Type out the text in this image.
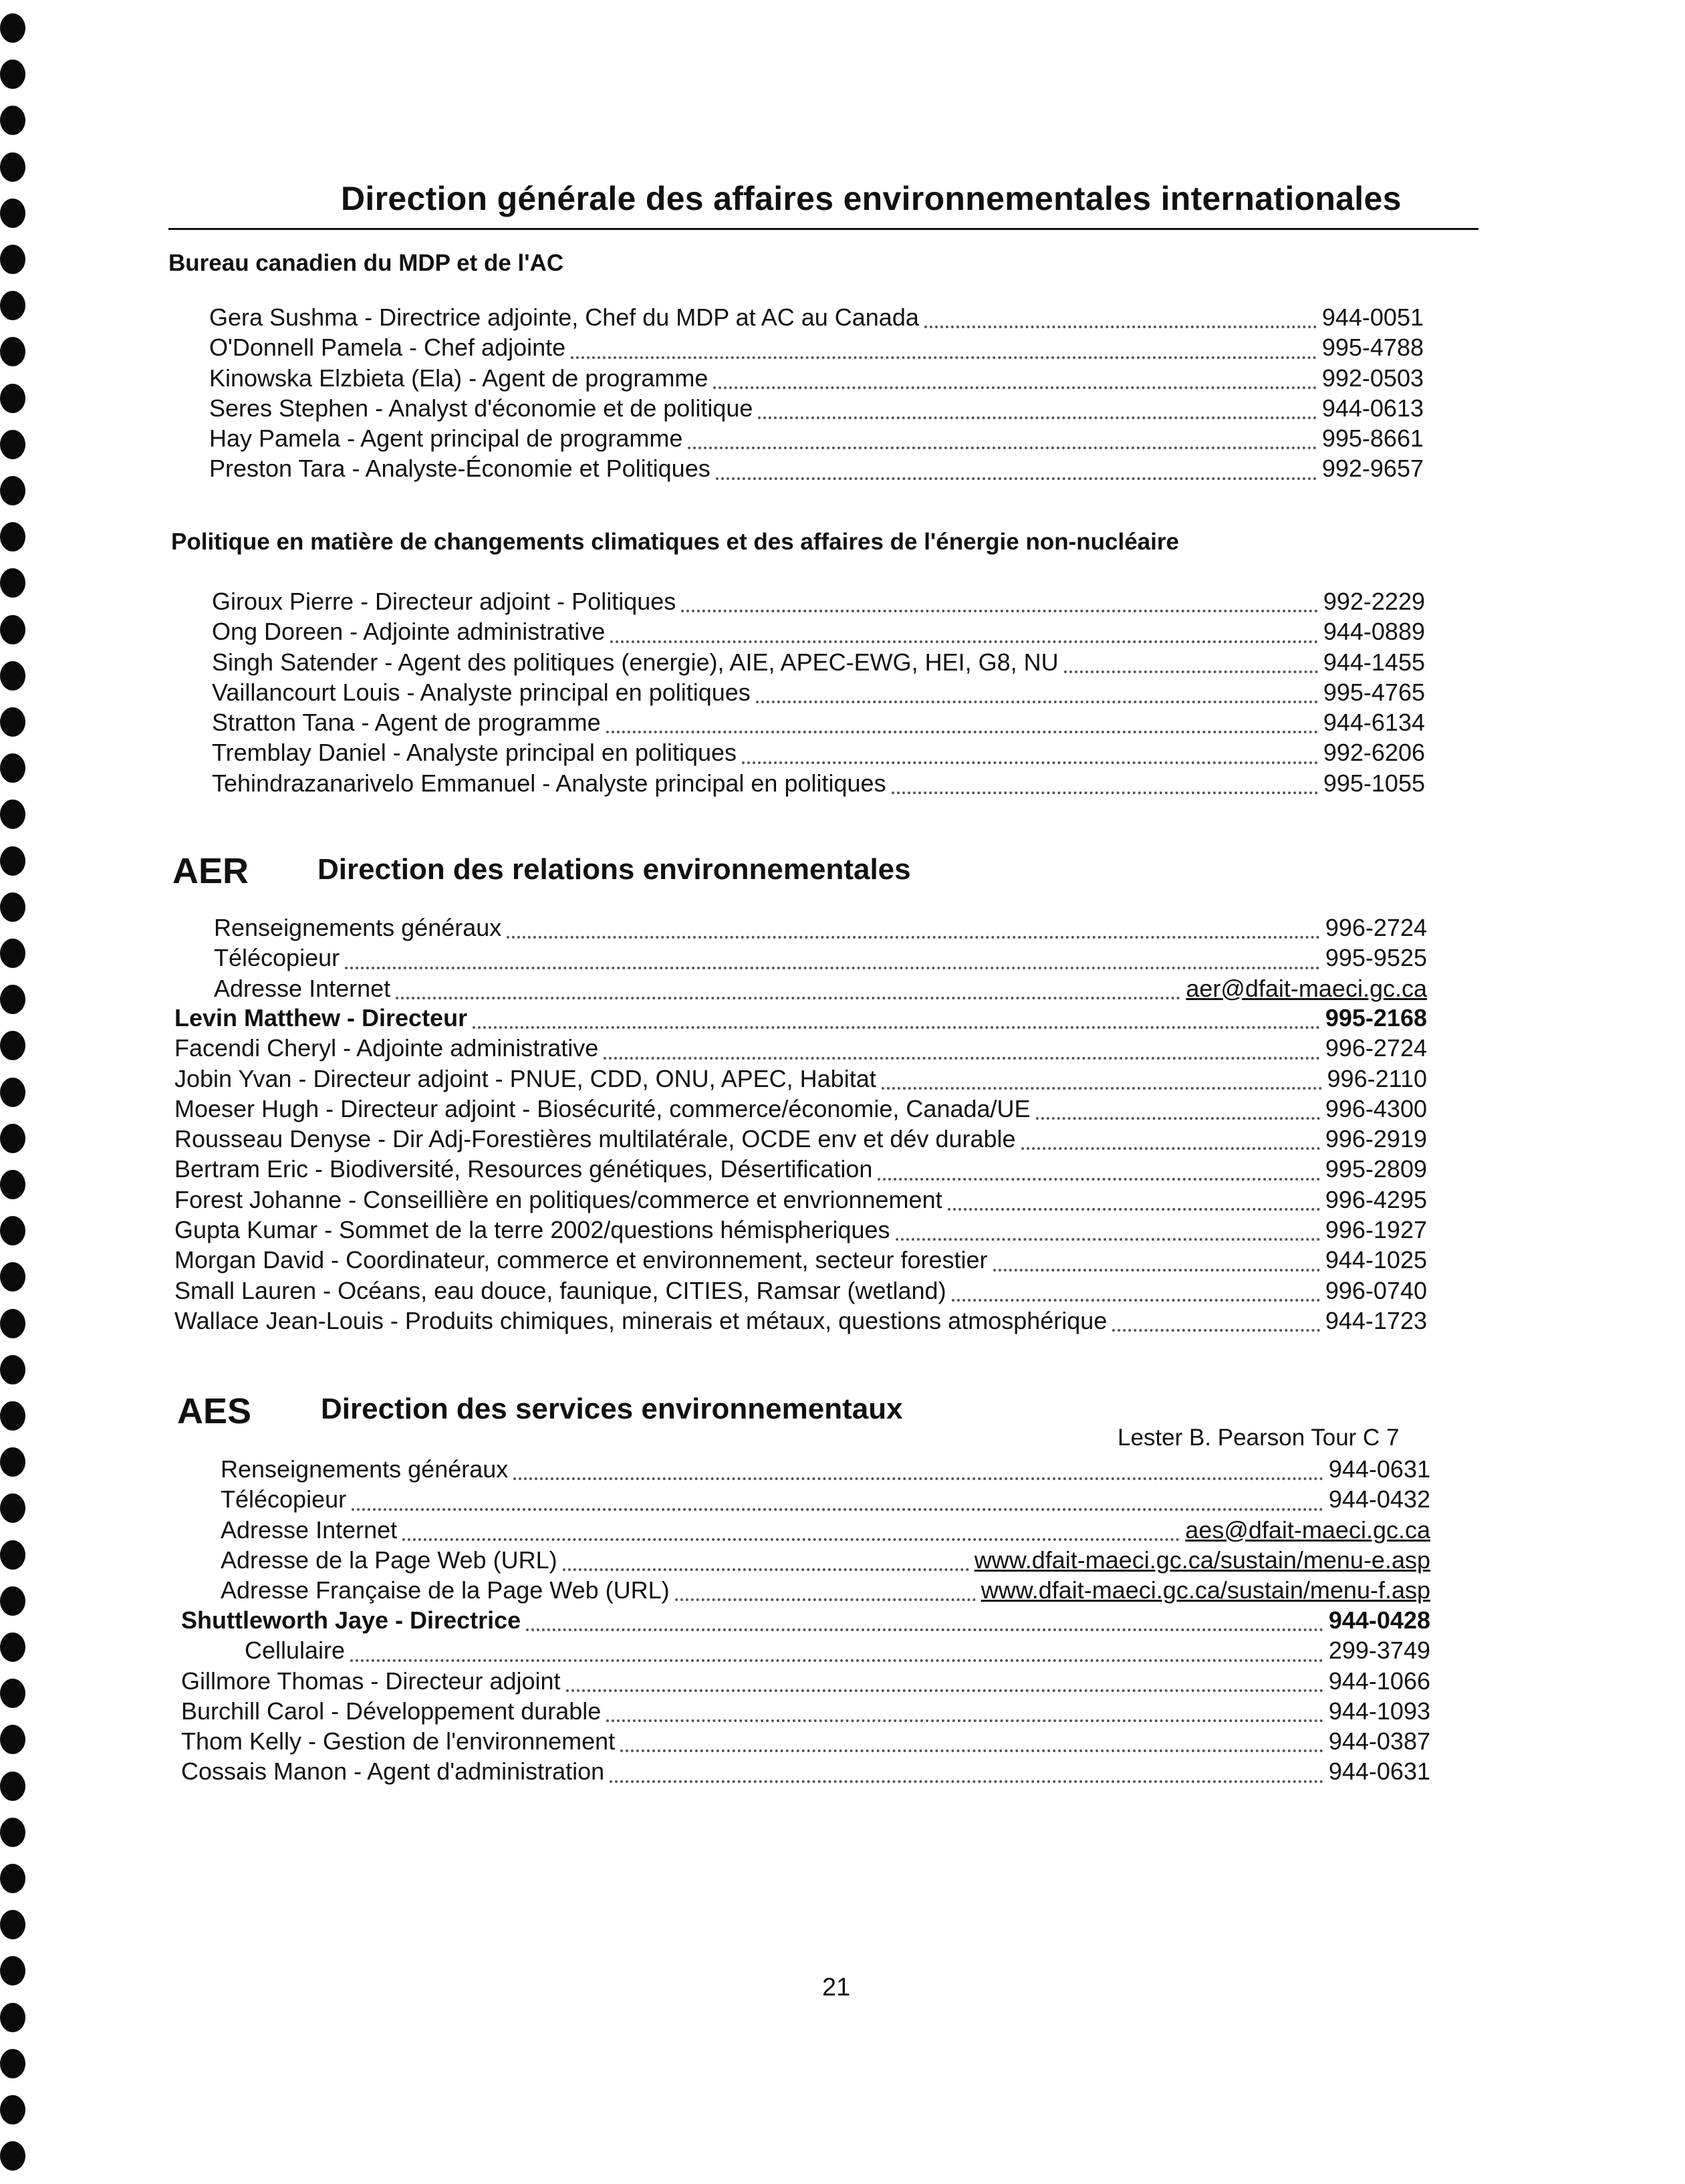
Direction générale des affaires environnementales internationales
Bureau canadien du MDP et de l'AC
Gera Sushma - Directrice adjointe, Chef du MDP at AC au Canada	944-0051
O'Donnell Pamela - Chef adjointe	995-4788
Kinowska Elzbieta (Ela) - Agent de programme	992-0503
Seres Stephen - Analyst d'économie et de politique	944-0613
Hay Pamela - Agent principal de programme	995-8661
Preston Tara - Analyste-Économie et Politiques	992-9657
Politique en matière de changements climatiques et des affaires de l'énergie non-nucléaire
Giroux Pierre - Directeur adjoint - Politiques	992-2229
Ong Doreen - Adjointe administrative	944-0889
Singh Satender - Agent des politiques (energie), AIE, APEC-EWG, HEI, G8, NU	944-1455
Vaillancourt Louis - Analyste principal en politiques	995-4765
Stratton Tana - Agent de programme	944-6134
Tremblay Daniel - Analyste principal en politiques	992-6206
Tehindrazanarivelo Emmanuel - Analyste principal en politiques	995-1055
AER Direction des relations environnementales
Renseignements généraux	996-2724
Télécopieur	995-9525
Adresse Internet	aer@dfait-maeci.gc.ca
Levin Matthew - Directeur	995-2168
Facendi Cheryl - Adjointe administrative	996-2724
Jobin Yvan - Directeur adjoint - PNUE, CDD, ONU, APEC, Habitat	996-2110
Moeser Hugh - Directeur adjoint - Biosécurité, commerce/économie, Canada/UE	996-4300
Rousseau Denyse - Dir Adj-Forestières multilatérale, OCDE env et dév durable	996-2919
Bertram Eric - Biodiversité, Resources génétiques, Désertification	995-2809
Forest Johanne - Conseillière en politiques/commerce et envrionnement	996-4295
Gupta Kumar - Sommet de la terre 2002/questions hémispheriques	996-1927
Morgan David - Coordinateur, commerce et environnement, secteur forestier	944-1025
Small Lauren - Océans, eau douce, faunique, CITIES, Ramsar (wetland)	996-0740
Wallace Jean-Louis - Produits chimiques, minerais et métaux, questions atmosphérique	944-1723
AES Direction des services environnementaux
Lester B. Pearson Tour C 7
Renseignements généraux	944-0631
Télécopieur	944-0432
Adresse Internet	aes@dfait-maeci.gc.ca
Adresse de la Page Web (URL)	www.dfait-maeci.gc.ca/sustain/menu-e.asp
Adresse Française de la Page Web (URL)	www.dfait-maeci.gc.ca/sustain/menu-f.asp
Shuttleworth Jaye - Directrice	944-0428
Cellulaire	299-3749
Gillmore Thomas - Directeur adjoint	944-1066
Burchill Carol - Développement durable	944-1093
Thom Kelly - Gestion de l'environnement	944-0387
Cossais Manon - Agent d'administration	944-0631
21
